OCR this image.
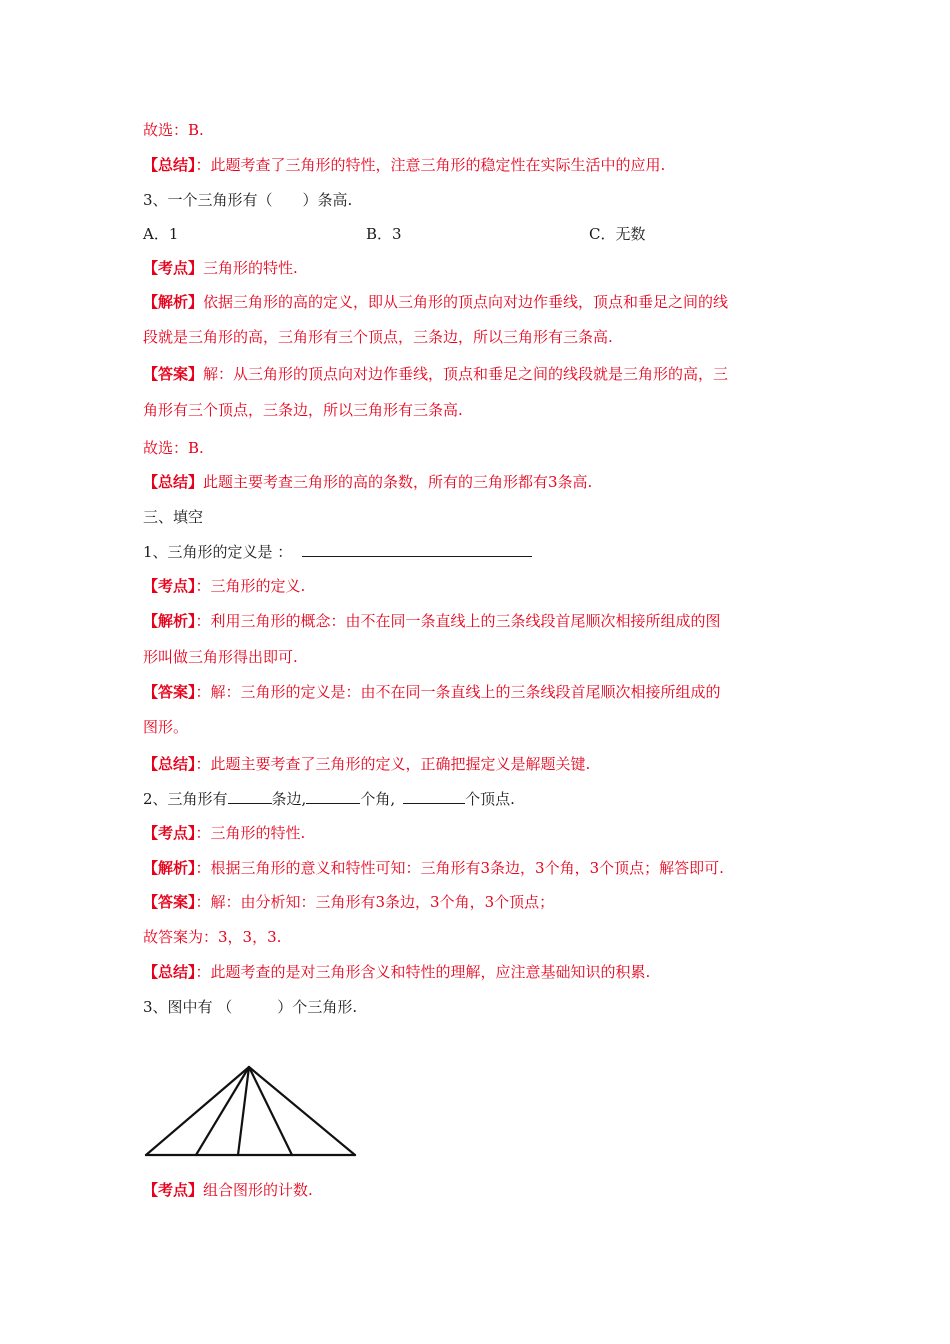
故选：B.
【总结】：此题考查了三角形的特性，注意三角形的稳定性在实际生活中的应用.
3、一个三角形有（　　）条高.
A．1	B．3	C．无数
【考点】三角形的特性.
【解析】依据三角形的高的定义，即从三角形的顶点向对边作垂线，顶点和垂足之间的线
段就是三角形的高，三角形有三个顶点，三条边，所以三角形有三条高.
【答案】解：从三角形的顶点向对边作垂线，顶点和垂足之间的线段就是三角形的高，三
角形有三个顶点，三条边，所以三角形有三条高.
故选：B.
【总结】此题主要考查三角形的高的条数，所有的三角形都有3条高.
三、填空
1、三角形的定义是 ：
【考点】：三角形的定义.
【解析】：利用三角形的概念：由不在同一条直线上的三条线段首尾顺次相接所组成的图
形叫做三角形得出即可.
【答案】：解：三角形的定义是：由不在同一条直线上的三条线段首尾顺次相接所组成的
图形。
【总结】：此题主要考查了三角形的定义，正确把握定义是解题关键.
2、三角形有	条边,	个角,	个顶点.
【考点】：三角形的特性.
【解析】：根据三角形的意义和特性可知：三角形有3条边，3个角，3个顶点；解答即可.
【答案】：解：由分析知：三角形有3条边，3个角，3个顶点；
故答案为：3，3，3.
【总结】：此题考查的是对三角形含义和特性的理解，应注意基础知识的积累.
3、图中有 （　　　）个三角形.
【考点】组合图形的计数.
